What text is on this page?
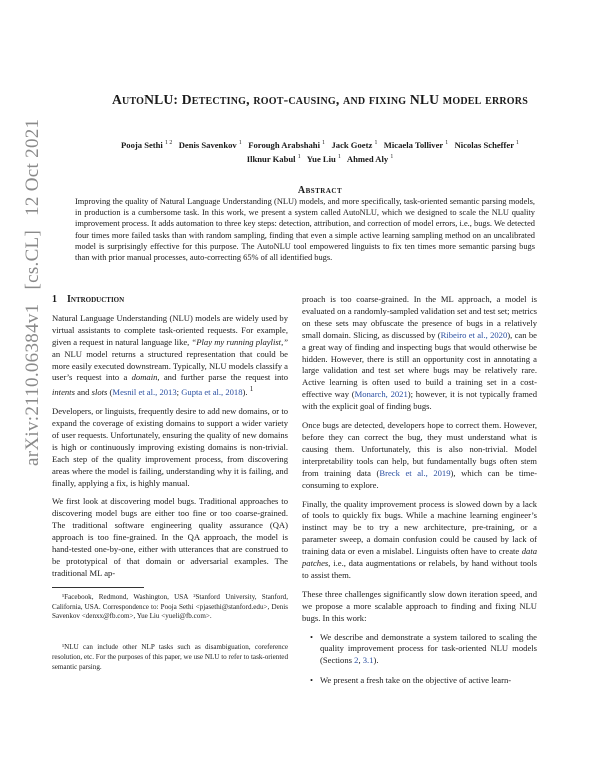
arXiv:2110.06384v1[cs.CL]12 Oct 2021
AutoNLU: Detecting, root-causing, and fixing NLU model errors
Pooja Sethi $^{1 2}$ Denis Savenkov $^1$ Forough Arabshahi $^1$ Jack Goetz $^1$ Micaela Tolliver $^1$ Nicolas Scheffer $^1$
Ilknur Kabul $^1$ Yue Liu $^1$ Ahmed Aly $^1$
Abstract
Improving the quality of Natural Language Understanding (NLU) models, and more specifically, task-oriented semantic parsing models, in production is a cumbersome task. In this work, we present a system called AutoNLU, which we designed to scale the NLU quality improvement process. It adds automation to three key steps: detection, attribution, and correction of model errors, i.e., bugs. We detected four times more failed tasks than with random sampling, finding that even a simple active learning sampling method on an uncalibrated model is surprisingly effective for this purpose. The AutoNLU tool empowered linguists to fix ten times more semantic parsing bugs than with prior manual processes, auto-correcting 65% of all identified bugs.
1 Introduction

Natural Language Understanding (NLU) models are widely used by virtual assistants to complete task-oriented requests. For example, given a request in natural language like, “Play my running playlist,” an NLU model returns a structured representation that could be more easily executed downstream. Typically, NLU models classify a user’s request into a domain, and further parse the request into intents and slots (Mesnil et al., 2013; Gupta et al., 2018). $^1$

Developers, or linguists, frequently desire to add new domains, or to expand the coverage of existing domains to support a wider variety of user requests. Unfortunately, ensuring the quality of new domains is high or continuously improving existing domains is non-trivial. Each step of the quality improvement process, from discovering areas where the model is failing, understanding why it is failing, and finally, applying a fix, is highly manual.

We first look at discovering model bugs. Traditional approaches to discovering model bugs are either too fine or too coarse-grained. The traditional software engineering quality assurance (QA) approach is too fine-grained. In the QA approach, the model is hand-tested one-by-one, either with utterances that are construed to be prototypical of that domain or adversarial examples. The traditional ML ap-

¹Facebook, Redmond, Washington, USA ²Stanford University, Stanford, California, USA. Correspondence to: Pooja Sethi <pjasethi@stanford.edu>, Denis Savenkov <denxx@fb.com>, Yue Liu <yueli@fb.com>.

¹NLU can include other NLP tasks such as disambiguation, coreference resolution, etc. For the purposes of this paper, we use NLU to refer to task-oriented semantic parsing.

proach is too coarse-grained. In the ML approach, a model is evaluated on a randomly-sampled validation set and test set; metrics on these sets may obfuscate the presence of bugs in a relatively small domain. Slicing, as discussed by (Ribeiro et al., 2020), can be a great way of finding and inspecting bugs that would otherwise be hidden. However, there is still an opportunity cost in annotating a large validation and test set where bugs may be relatively rare. Active learning is often used to build a training set in a cost-effective way (Monarch, 2021); however, it is not typically framed with the explicit goal of finding bugs.

Once bugs are detected, developers hope to correct them. However, before they can correct the bug, they must understand what is causing them. Unfortunately, this is also non-trivial. Model interpretability tools can help, but fundamentally bugs often stem from training data (Breck et al., 2019), which can be time-consuming to explore.

Finally, the quality improvement process is slowed down by a lack of tools to quickly fix bugs. While a machine learning engineer’s instinct may be to try a new architecture, pre-training, or a parameter sweep, a domain confusion could be caused by lack of training data or even a mislabel. Linguists often have to create data patches, i.e., data augmentations or relabels, by hand without tools to assist them.

These three challenges significantly slow down iteration speed, and we propose a more scalable approach to finding and fixing NLU bugs. In this work:

• We describe and demonstrate a system tailored to scaling the quality improvement process for task-oriented NLU models (Sections 2, 3.1).
• We present a fresh take on the objective of active learn-
